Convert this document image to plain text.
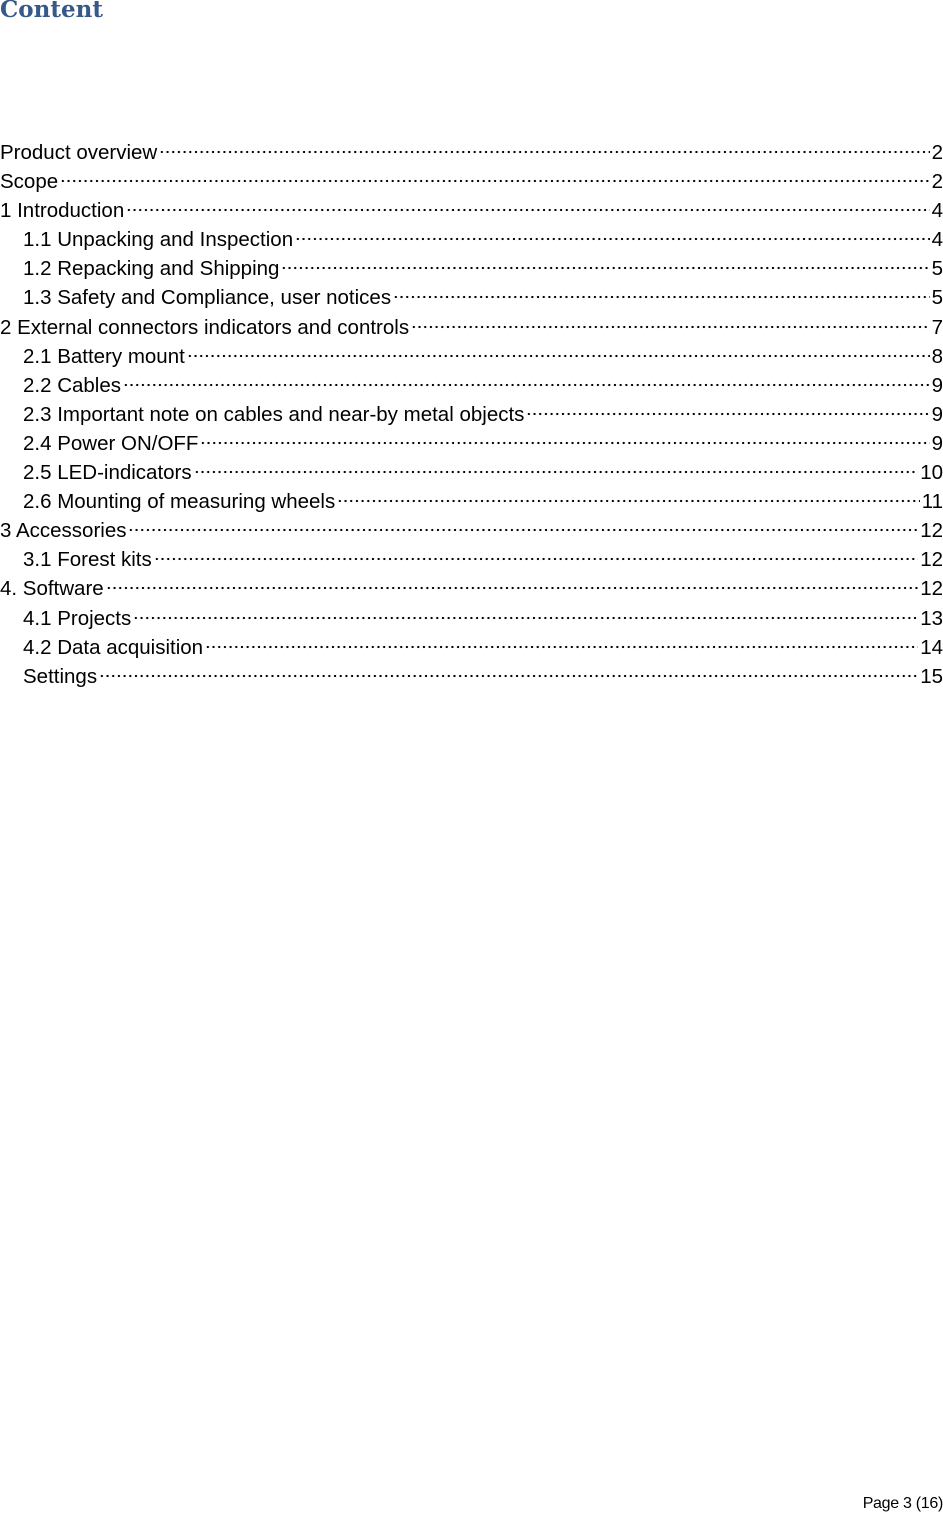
Content
Product overview	2
Scope	2
1 Introduction	4
1.1 Unpacking and Inspection	4
1.2 Repacking and Shipping	5
1.3 Safety and Compliance, user notices	5
2 External connectors indicators and controls	7
2.1 Battery mount	8
2.2 Cables	9
2.3 Important note on cables and near-by metal objects	9
2.4 Power ON/OFF	9
2.5 LED-indicators	10
2.6 Mounting of measuring wheels	11
3 Accessories	12
3.1 Forest kits	12
4. Software	12
4.1 Projects	13
4.2 Data acquisition	14
Settings	15
Page 3 (16)
